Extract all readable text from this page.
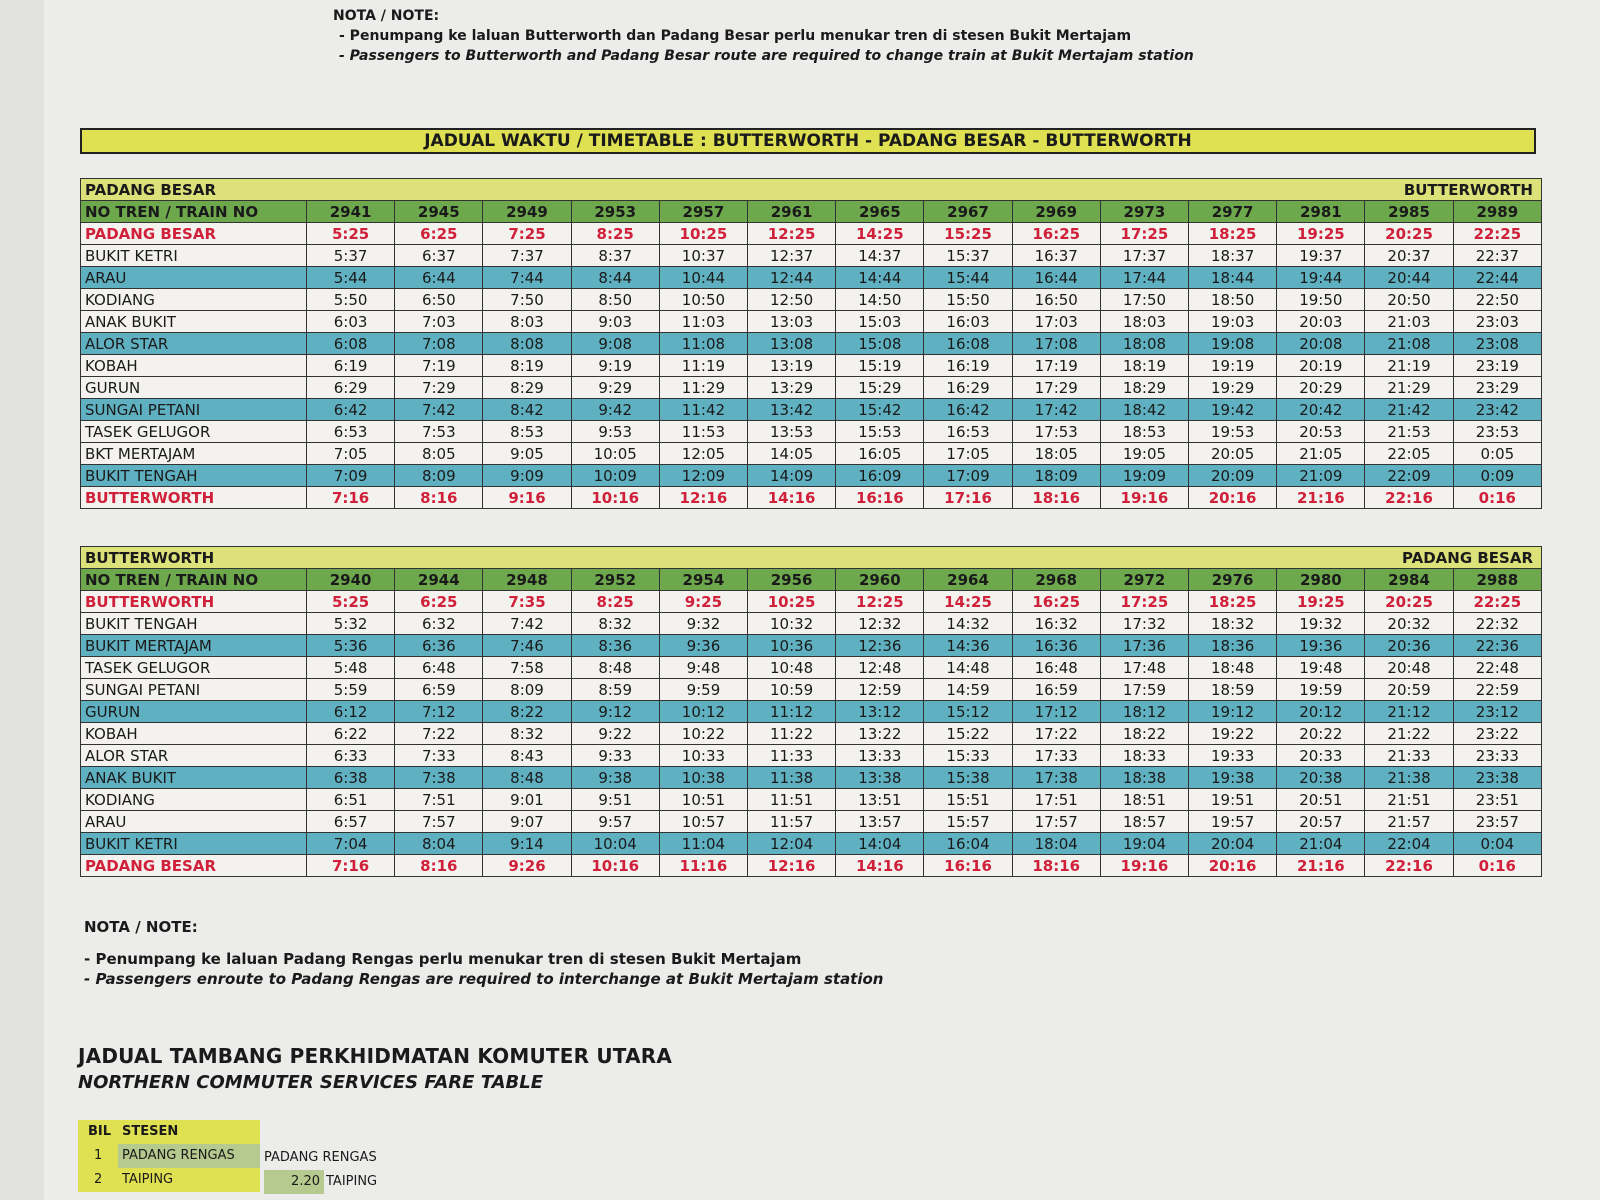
NOTA / NOTE:
- Penumpang ke laluan Butterworth dan Padang Besar perlu menukar tren di stesen Bukit Mertajam
- Passengers to Butterworth and Padang Besar route are required to change train at Bukit Mertajam station
JADUAL WAKTU / TIMETABLE : BUTTERWORTH - PADANG BESAR - BUTTERWORTH
PADANG BESAR BUTTERWORTH														

NO TREN / TRAIN NO	2941	2945	2949	2953	2957	2961	2965	2967	2969	2973	2977	2981	2985	2989
PADANG BESAR	5:25	6:25	7:25	8:25	10:25	12:25	14:25	15:25	16:25	17:25	18:25	19:25	20:25	22:25
BUKIT KETRI	5:37	6:37	7:37	8:37	10:37	12:37	14:37	15:37	16:37	17:37	18:37	19:37	20:37	22:37
ARAU	5:44	6:44	7:44	8:44	10:44	12:44	14:44	15:44	16:44	17:44	18:44	19:44	20:44	22:44
KODIANG	5:50	6:50	7:50	8:50	10:50	12:50	14:50	15:50	16:50	17:50	18:50	19:50	20:50	22:50
ANAK BUKIT	6:03	7:03	8:03	9:03	11:03	13:03	15:03	16:03	17:03	18:03	19:03	20:03	21:03	23:03
ALOR STAR	6:08	7:08	8:08	9:08	11:08	13:08	15:08	16:08	17:08	18:08	19:08	20:08	21:08	23:08
KOBAH	6:19	7:19	8:19	9:19	11:19	13:19	15:19	16:19	17:19	18:19	19:19	20:19	21:19	23:19
GURUN	6:29	7:29	8:29	9:29	11:29	13:29	15:29	16:29	17:29	18:29	19:29	20:29	21:29	23:29
SUNGAI PETANI	6:42	7:42	8:42	9:42	11:42	13:42	15:42	16:42	17:42	18:42	19:42	20:42	21:42	23:42
TASEK GELUGOR	6:53	7:53	8:53	9:53	11:53	13:53	15:53	16:53	17:53	18:53	19:53	20:53	21:53	23:53
BKT MERTAJAM	7:05	8:05	9:05	10:05	12:05	14:05	16:05	17:05	18:05	19:05	20:05	21:05	22:05	0:05
BUKIT TENGAH	7:09	8:09	9:09	10:09	12:09	14:09	16:09	17:09	18:09	19:09	20:09	21:09	22:09	0:09
BUTTERWORTH	7:16	8:16	9:16	10:16	12:16	14:16	16:16	17:16	18:16	19:16	20:16	21:16	22:16	0:16
BUTTERWORTH PADANG BESAR														

NO TREN / TRAIN NO	2940	2944	2948	2952	2954	2956	2960	2964	2968	2972	2976	2980	2984	2988
BUTTERWORTH	5:25	6:25	7:35	8:25	9:25	10:25	12:25	14:25	16:25	17:25	18:25	19:25	20:25	22:25
BUKIT TENGAH	5:32	6:32	7:42	8:32	9:32	10:32	12:32	14:32	16:32	17:32	18:32	19:32	20:32	22:32
BUKIT MERTAJAM	5:36	6:36	7:46	8:36	9:36	10:36	12:36	14:36	16:36	17:36	18:36	19:36	20:36	22:36
TASEK GELUGOR	5:48	6:48	7:58	8:48	9:48	10:48	12:48	14:48	16:48	17:48	18:48	19:48	20:48	22:48
SUNGAI PETANI	5:59	6:59	8:09	8:59	9:59	10:59	12:59	14:59	16:59	17:59	18:59	19:59	20:59	22:59
GURUN	6:12	7:12	8:22	9:12	10:12	11:12	13:12	15:12	17:12	18:12	19:12	20:12	21:12	23:12
KOBAH	6:22	7:22	8:32	9:22	10:22	11:22	13:22	15:22	17:22	18:22	19:22	20:22	21:22	23:22
ALOR STAR	6:33	7:33	8:43	9:33	10:33	11:33	13:33	15:33	17:33	18:33	19:33	20:33	21:33	23:33
ANAK BUKIT	6:38	7:38	8:48	9:38	10:38	11:38	13:38	15:38	17:38	18:38	19:38	20:38	21:38	23:38
KODIANG	6:51	7:51	9:01	9:51	10:51	11:51	13:51	15:51	17:51	18:51	19:51	20:51	21:51	23:51
ARAU	6:57	7:57	9:07	9:57	10:57	11:57	13:57	15:57	17:57	18:57	19:57	20:57	21:57	23:57
BUKIT KETRI	7:04	8:04	9:14	10:04	11:04	12:04	14:04	16:04	18:04	19:04	20:04	21:04	22:04	0:04
PADANG BESAR	7:16	8:16	9:26	10:16	11:16	12:16	14:16	16:16	18:16	19:16	20:16	21:16	22:16	0:16
NOTA / NOTE:
- Penumpang ke laluan Padang Rengas perlu menukar tren di stesen Bukit Mertajam
- Passengers enroute to Padang Rengas are required to interchange at Bukit Mertajam station
JADUAL TAMBANG PERKHIDMATAN KOMUTER UTARA
NORTHERN COMMUTER SERVICES FARE TABLE
BIL STESEN
1	PADANG RENGAS	PADANG RENGAS
2	TAIPING	2.20 TAIPING
